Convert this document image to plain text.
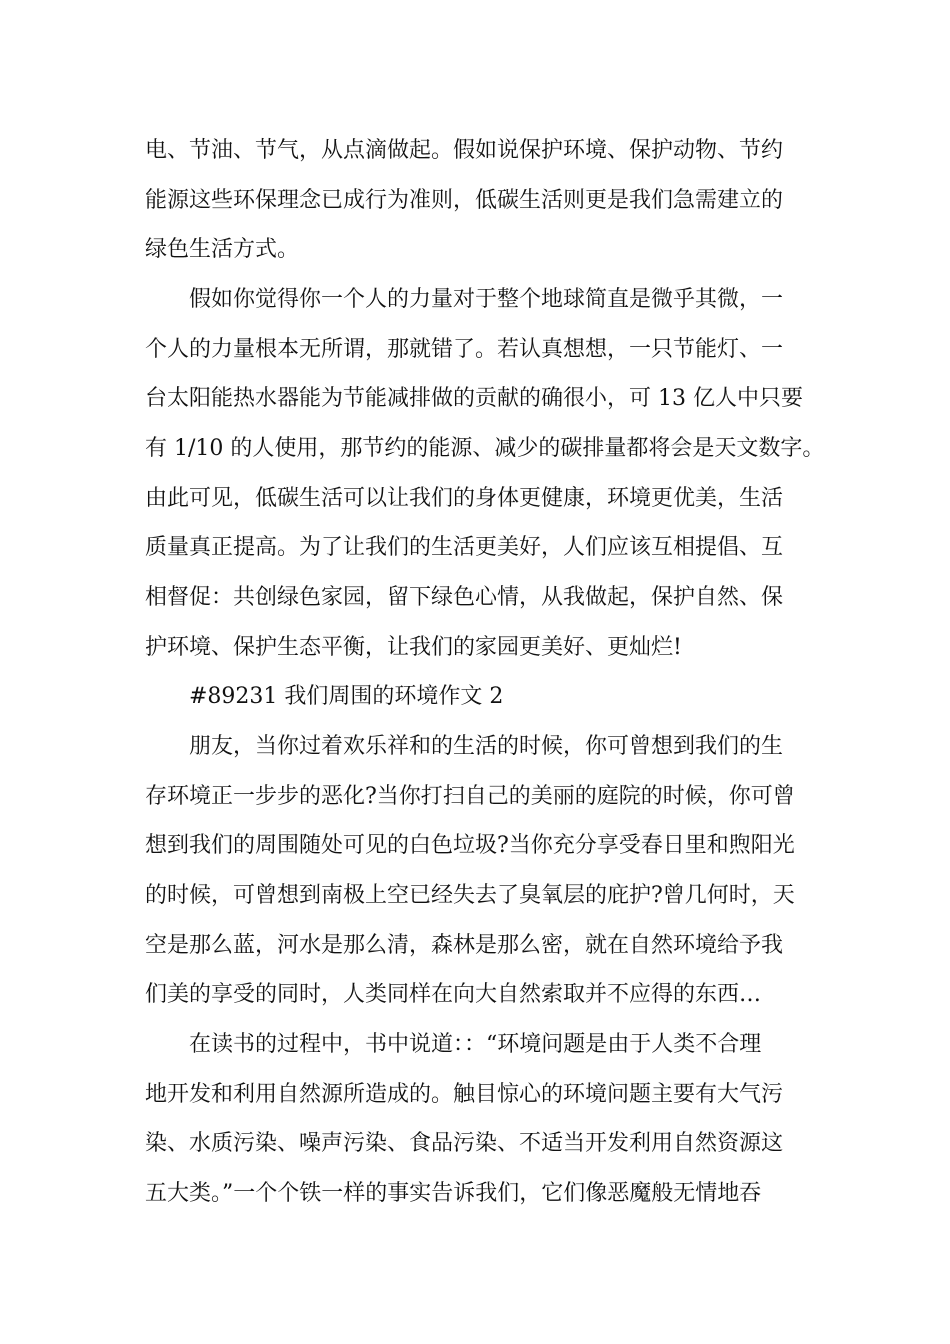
电、节油、节气，从点滴做起。假如说保护环境、保护动物、节约
能源这些环保理念已成行为准则，低碳生活则更是我们急需建立的
绿色生活方式。
假如你觉得你一个人的力量对于整个地球简直是微乎其微，一
个人的力量根本无所谓，那就错了。若认真想想，一只节能灯、一
台太阳能热水器能为节能减排做的贡献的确很小，可 13 亿人中只要
有 1/10 的人使用，那节约的能源、减少的碳排量都将会是天文数字。
由此可见，低碳生活可以让我们的身体更健康，环境更优美，生活
质量真正提高。为了让我们的生活更美好，人们应该互相提倡、互
相督促：共创绿色家园，留下绿色心情，从我做起，保护自然、保
护环境、保护生态平衡，让我们的家园更美好、更灿烂!
#89231 我们周围的环境作文 2
朋友，当你过着欢乐祥和的生活的时候，你可曾想到我们的生
存环境正一步步的恶化?当你打扫自己的美丽的庭院的时候，你可曾
想到我们的周围随处可见的白色垃圾?当你充分享受春日里和煦阳光
的时候，可曾想到南极上空已经失去了臭氧层的庇护?曾几何时，天
空是那么蓝，河水是那么清，森林是那么密，就在自然环境给予我
们美的享受的同时，人类同样在向大自然索取并不应得的东西…
在读书的过程中，书中说道：：“环境问题是由于人类不合理
地开发和利用自然源所造成的。触目惊心的环境问题主要有大气污
染、水质污染、噪声污染、食品污染、不适当开发利用自然资源这
五大类。”一个个铁一样的事实告诉我们，它们像恶魔般无情地吞
